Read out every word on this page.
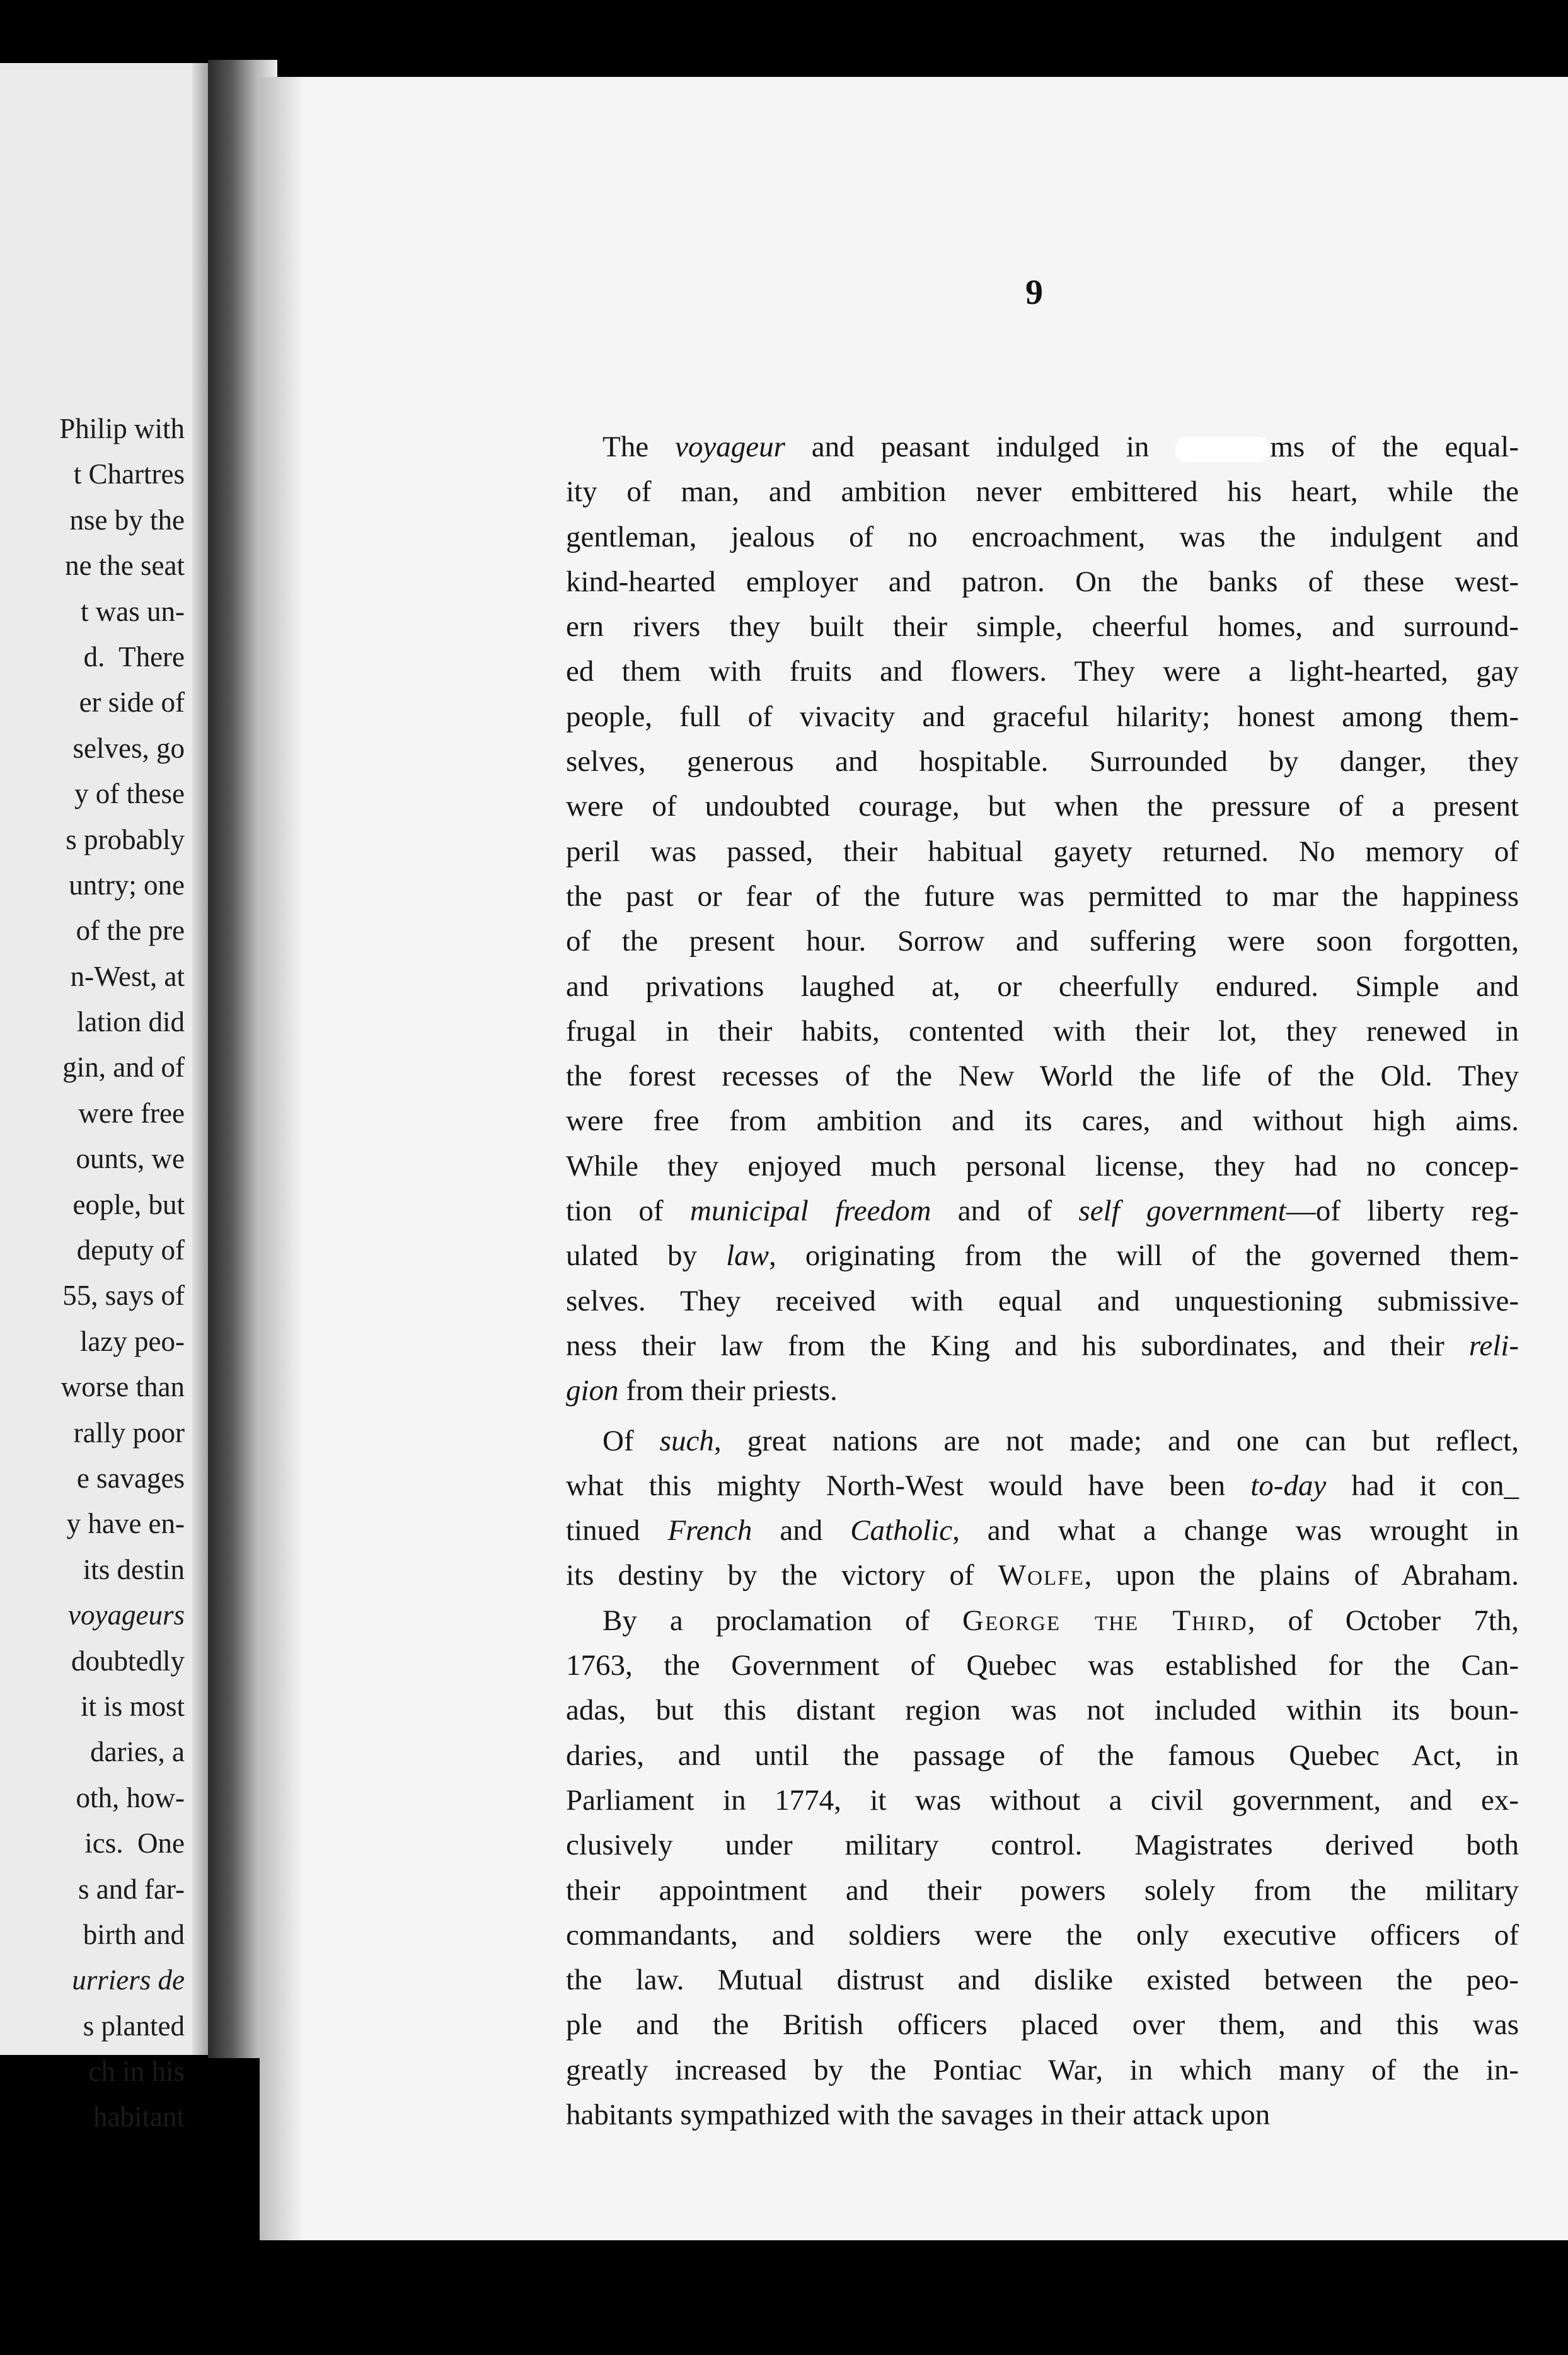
Philip with
t Chartres
nse by the
ne the seat
t was un-
d.  There
er side of
selves, go
y of these
s probably
untry; one
of the pre
n-West, at
lation did
gin, and of
were free
ounts, we
eople, but
deputy of
55, says of
lazy peo-
worse than
rally poor
e savages
y have en-
its destin
voyageurs
doubtedly
it is most
daries, a
oth, how-
ics.  One
s and far-
birth and
urriers de
s planted
ch in his
habitant
9
The voyageur and peasant indulged in	ms of the equal-
ity of man, and ambition never embittered his heart, while the
gentleman, jealous of no encroachment, was the indulgent and
kind-hearted employer and patron. On the banks of these west-
ern rivers they built their simple, cheerful homes, and surround-
ed them with fruits and flowers. They were a light-hearted, gay
people, full of vivacity and graceful hilarity; honest among them-
selves, generous and hospitable. Surrounded by danger, they
were of undoubted courage, but when the pressure of a present
peril was passed, their habitual gayety returned. No memory of
the past or fear of the future was permitted to mar the happiness
of the present hour. Sorrow and suffering were soon forgotten,
and privations laughed at, or cheerfully endured. Simple and
frugal in their habits, contented with their lot, they renewed in
the forest recesses of the New World the life of the Old. They
were free from ambition and its cares, and without high aims.
While they enjoyed much personal license, they had no concep-
tion of municipal freedom and of self government—of liberty reg-
ulated by law, originating from the will of the governed them-
selves. They received with equal and unquestioning submissive-
ness their law from the King and his subordinates, and their reli-
gion from their priests.
Of such, great nations are not made; and one can but reflect,
what this mighty North-West would have been to-day had it con_
tinued French and Catholic, and what a change was wrought in
its destiny by the victory of Wolfe, upon the plains of Abraham.
By a proclamation of George the Third, of October 7th,
1763, the Government of Quebec was established for the Can-
adas, but this distant region was not included within its boun-
daries, and until the passage of the famous Quebec Act, in
Parliament in 1774, it was without a civil government, and ex-
clusively under military control. Magistrates derived both
their appointment and their powers solely from the military
commandants, and soldiers were the only executive officers of
the law. Mutual distrust and dislike existed between the peo-
ple and the British officers placed over them, and this was
greatly increased by the Pontiac War, in which many of the in-
habitants sympathized with the savages in their attack upon
